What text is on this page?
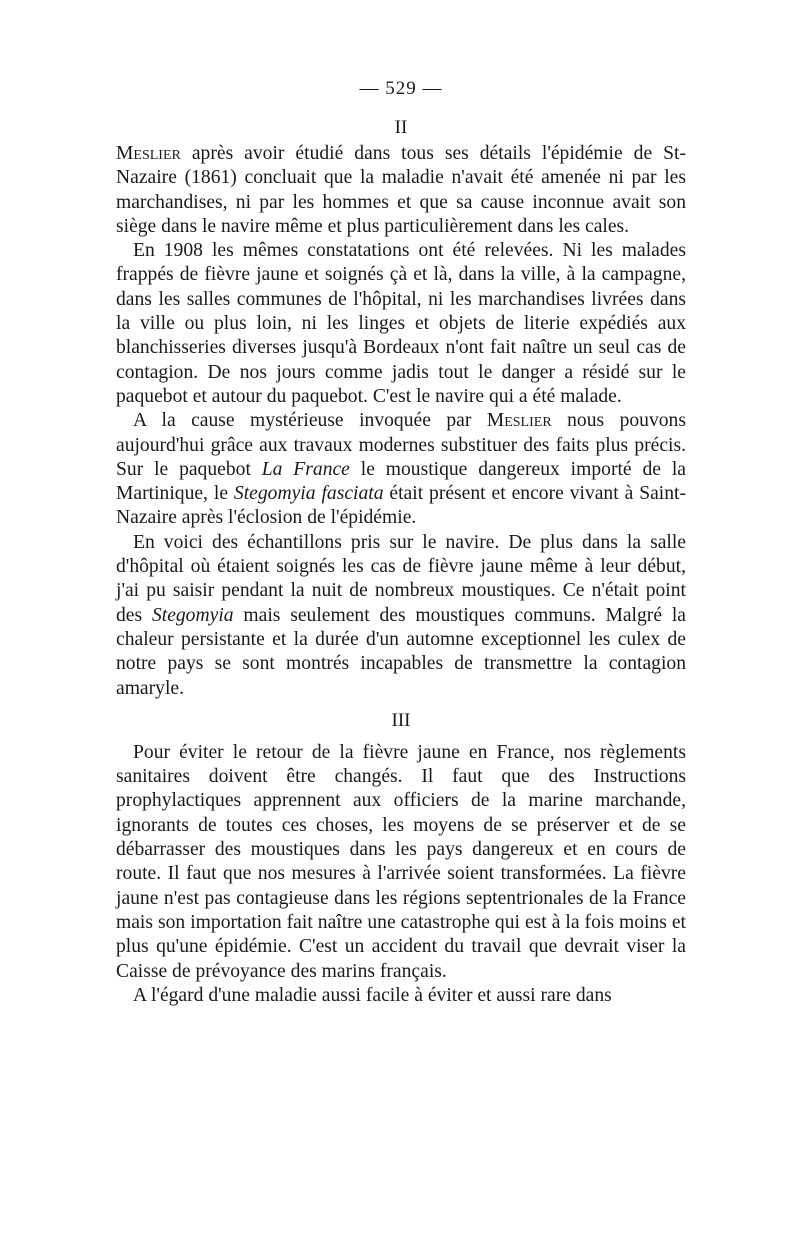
— 529 —
II

Meslier après avoir étudié dans tous ses détails l'épidémie de St-Nazaire (1861) concluait que la maladie n'avait été amenée ni par les marchandises, ni par les hommes et que sa cause inconnue avait son siège dans le navire même et plus particulièrement dans les cales.

En 1908 les mêmes constatations ont été relevées. Ni les malades frappés de fièvre jaune et soignés çà et là, dans la ville, à la campagne, dans les salles communes de l'hôpital, ni les marchandises livrées dans la ville ou plus loin, ni les linges et objets de literie expédiés aux blanchisseries diverses jusqu'à Bordeaux n'ont fait naître un seul cas de contagion. De nos jours comme jadis tout le danger a résidé sur le paquebot et autour du paquebot. C'est le navire qui a été malade.

A la cause mystérieuse invoquée par Meslier nous pouvons aujourd'hui grâce aux travaux modernes substituer des faits plus précis. Sur le paquebot La France le moustique dangereux importé de la Martinique, le Stegomyia fasciata était présent et encore vivant à Saint-Nazaire après l'éclosion de l'épidémie.

En voici des échantillons pris sur le navire. De plus dans la salle d'hôpital où étaient soignés les cas de fièvre jaune même à leur début, j'ai pu saisir pendant la nuit de nombreux moustiques. Ce n'était point des Stegomyia mais seulement des moustiques communs. Malgré la chaleur persistante et la durée d'un automne exceptionnel les culex de notre pays se sont montrés incapables de transmettre la contagion amaryle.

III

Pour éviter le retour de la fièvre jaune en France, nos règlements sanitaires doivent être changés. Il faut que des Instructions prophylactiques apprennent aux officiers de la marine marchande, ignorants de toutes ces choses, les moyens de se préserver et de se débarrasser des moustiques dans les pays dangereux et en cours de route. Il faut que nos mesures à l'arrivée soient transformées. La fièvre jaune n'est pas contagieuse dans les régions septentrionales de la France mais son importation fait naître une catastrophe qui est à la fois moins et plus qu'une épidémie. C'est un accident du travail que devrait viser la Caisse de prévoyance des marins français.

A l'égard d'une maladie aussi facile à éviter et aussi rare dans
